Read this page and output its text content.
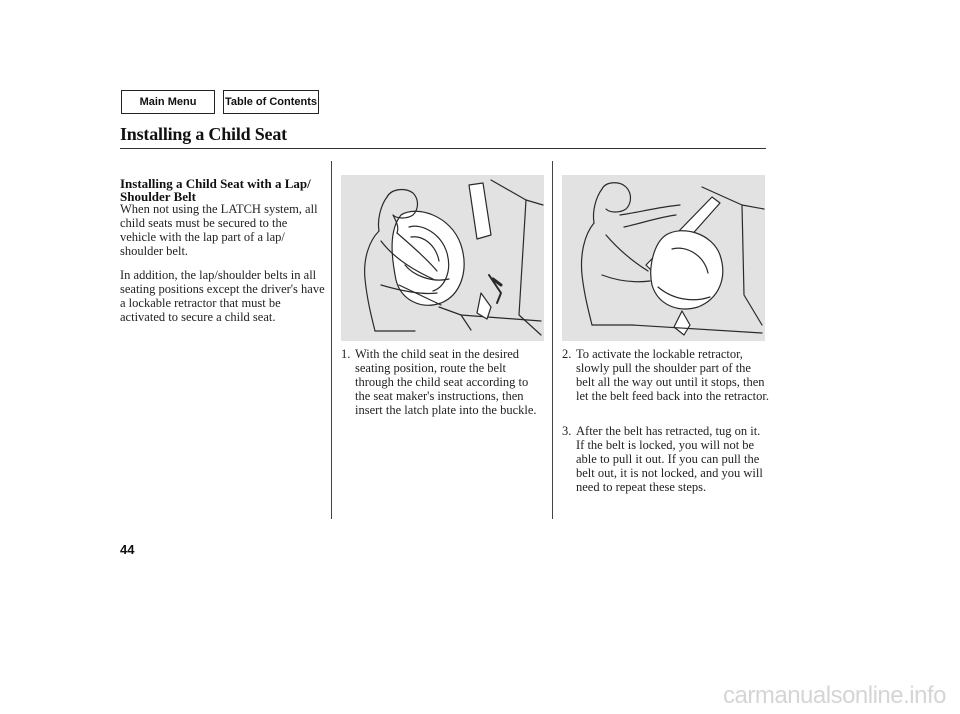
Main Menu	Table of Contents
Installing a Child Seat
Installing a Child Seat with a Lap/ Shoulder Belt
When not using the LATCH system, all child seats must be secured to the vehicle with the lap part of a lap/ shoulder belt.
In addition, the lap/shoulder belts in all seating positions except the driver's have a lockable retractor that must be activated to secure a child seat.
1. With the child seat in the desired seating position, route the belt through the child seat according to the seat maker's instructions, then insert the latch plate into the buckle.
2. To activate the lockable retractor, slowly pull the shoulder part of the belt all the way out until it stops, then let the belt feed back into the retractor.
3. After the belt has retracted, tug on it. If the belt is locked, you will not be able to pull it out. If you can pull the belt out, it is not locked, and you will need to repeat these steps.
44
carmanualsonline.info
